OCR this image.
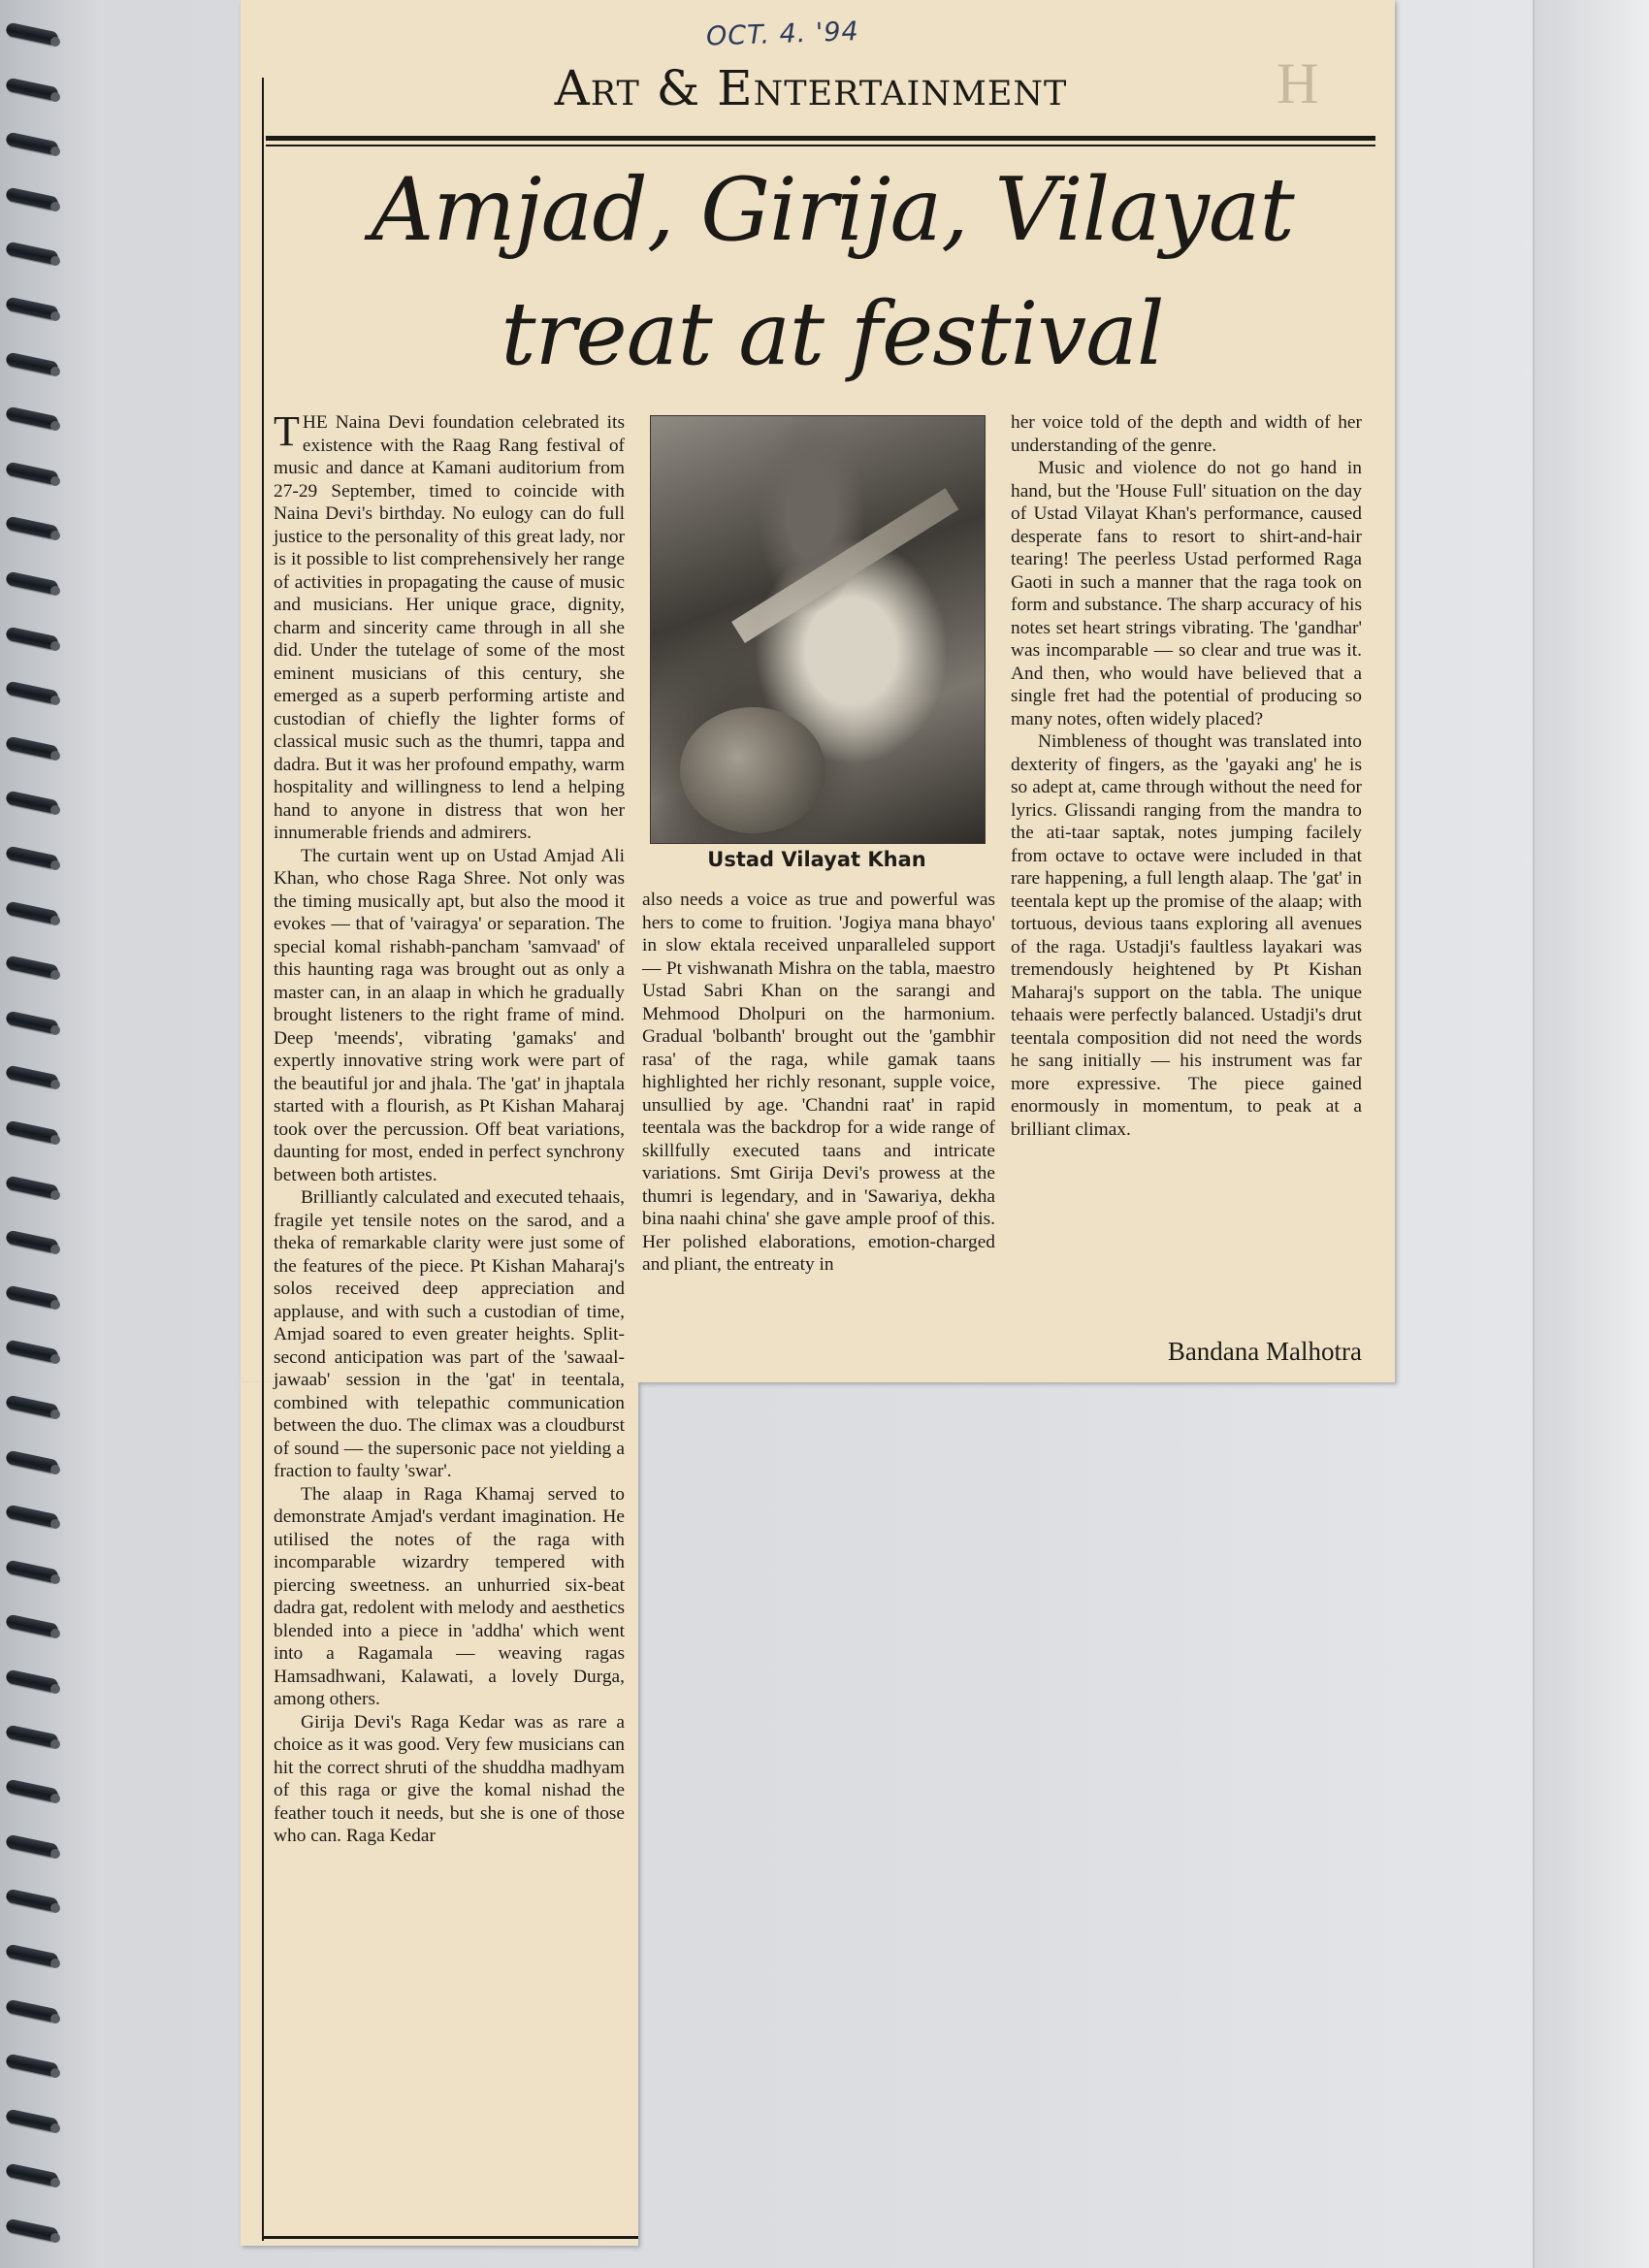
OCT. 4. '94
H
Art & Entertainment
Amjad, Girija, Vilayat
treat at festival

THE Naina Devi foundation celebrated its existence with the Raag Rang festival of music and dance at Kamani auditorium from 27-29 September, timed to coincide with Naina Devi's birthday. No eulogy can do full justice to the personality of this great lady, nor is it possible to list comprehensively her range of activities in propagating the cause of music and musicians. Her unique grace, dignity, charm and sincerity came through in all she did. Under the tutelage of some of the most eminent musicians of this century, she emerged as a superb performing artiste and custodian of chiefly the lighter forms of classical music such as the thumri, tappa and dadra. But it was her profound empathy, warm hospitality and willingness to lend a helping hand to anyone in distress that won her innumerable friends and admirers.

The curtain went up on Ustad Amjad Ali Khan, who chose Raga Shree. Not only was the timing musically apt, but also the mood it evokes — that of 'vairagya' or separation. The special komal rishabh-pancham 'samvaad' of this haunting raga was brought out as only a master can, in an alaap in which he gradually brought listeners to the right frame of mind. Deep 'meends', vibrating 'gamaks' and expertly innovative string work were part of the beautiful jor and jhala. The 'gat' in jhaptala started with a flourish, as Pt Kishan Maharaj took over the percussion. Off beat variations, daunting for most, ended in perfect synchrony between both artistes.

Brilliantly calculated and executed tehaais, fragile yet tensile notes on the sarod, and a theka of remarkable clarity were just some of the features of the piece. Pt Kishan Maharaj's solos received deep appreciation and applause, and with such a custodian of time, Amjad soared to even greater heights. Split-second anticipation was part of the 'sawaal-jawaab' session in the 'gat' in teentala, combined with telepathic communication between the duo. The climax was a cloudburst of sound — the supersonic pace not yielding a fraction to faulty 'swar'.

The alaap in Raga Khamaj served to demonstrate Amjad's verdant imagination. He utilised the notes of the raga with incomparable wizardry tempered with piercing sweetness. an unhurried six-beat dadra gat, redolent with melody and aesthetics blended into a piece in 'addha' which went into a Ragamala — weaving ragas Hamsadhwani, Kalawati, a lovely Durga, among others.

Girija Devi's Raga Kedar was as rare a choice as it was good. Very few musicians can hit the correct shruti of the shuddha madhyam of this raga or give the komal nishad the feather touch it needs, but she is one of those who can. Raga Kedar

Ustad Vilayat Khan

also needs a voice as true and powerful was hers to come to fruition. 'Jogiya mana bhayo' in slow ektala received unparalleled support — Pt vishwanath Mishra on the tabla, maestro Ustad Sabri Khan on the sarangi and Mehmood Dholpuri on the harmonium. Gradual 'bolbanth' brought out the 'gambhir rasa' of the raga, while gamak taans highlighted her richly resonant, supple voice, unsullied by age. 'Chandni raat' in rapid teentala was the backdrop for a wide range of skillfully executed taans and intricate variations. Smt Girija Devi's prowess at the thumri is legendary, and in 'Sawariya, dekha bina naahi china' she gave ample proof of this. Her polished elaborations, emotion-charged and pliant, the entreaty in

her voice told of the depth and width of her understanding of the genre.

Music and violence do not go hand in hand, but the 'House Full' situation on the day of Ustad Vilayat Khan's performance, caused desperate fans to resort to shirt-and-hair tearing! The peerless Ustad performed Raga Gaoti in such a manner that the raga took on form and substance. The sharp accuracy of his notes set heart strings vibrating. The 'gandhar' was incomparable — so clear and true was it. And then, who would have believed that a single fret had the potential of producing so many notes, often widely placed?

Nimbleness of thought was translated into dexterity of fingers, as the 'gayaki ang' he is so adept at, came through without the need for lyrics. Glissandi ranging from the mandra to the ati-taar saptak, notes jumping facilely from octave to octave were included in that rare happening, a full length alaap. The 'gat' in teentala kept up the promise of the alaap; with tortuous, devious taans exploring all avenues of the raga. Ustadji's faultless layakari was tremendously heightened by Pt Kishan Maharaj's support on the tabla. The unique tehaais were perfectly balanced. Ustadji's drut teentala composition did not need the words he sang initially — his instrument was far more expressive. The piece gained enormously in momentum, to peak at a brilliant climax.

Bandana Malhotra
